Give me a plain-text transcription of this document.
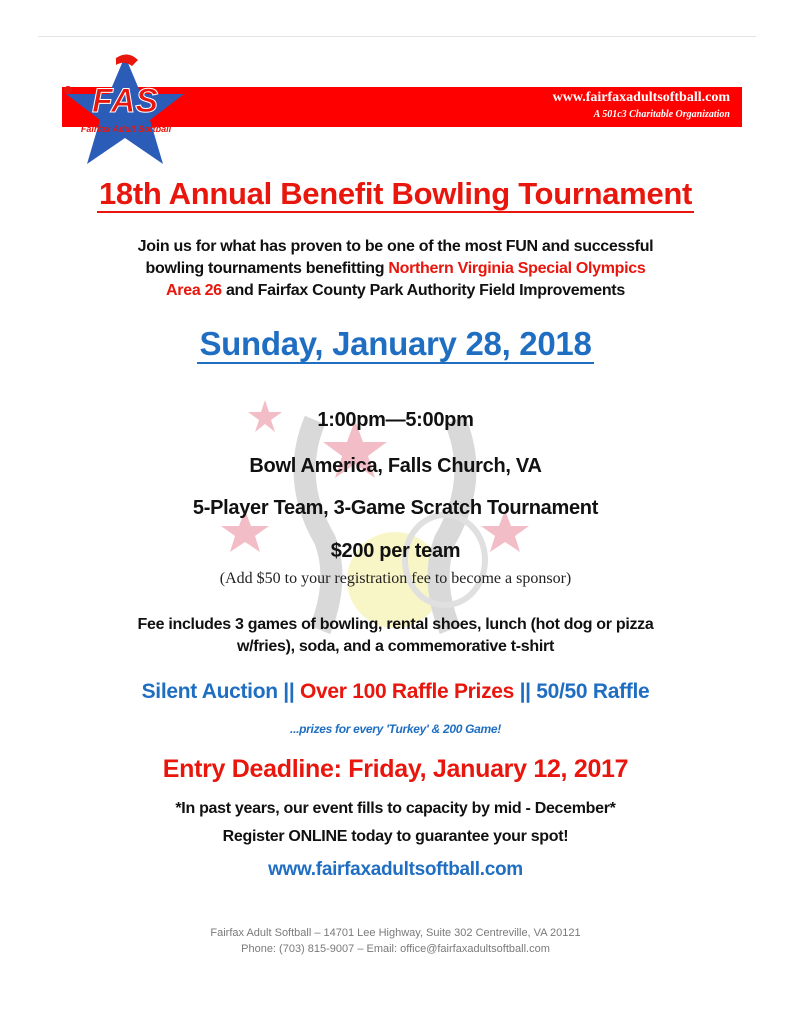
www.fairfaxadultsoftball.com
A 501c3 Charitable Organization
FAS
Fairfax Adult Softball
18th Annual Benefit Bowling Tournament
Join us for what has proven to be one of the most FUN and successful
bowling tournaments benefitting Northern Virginia Special Olympics
Area 26 and Fairfax County Park Authority Field Improvements
Sunday, January 28, 2018
1:00pm—5:00pm
Bowl America, Falls Church, VA
5-Player Team, 3-Game Scratch Tournament
$200 per team
(Add $50 to your registration fee to become a sponsor)
Fee includes 3 games of bowling, rental shoes, lunch (hot dog or pizza
w/fries), soda, and a commemorative t-shirt
Silent Auction || Over 100 Raffle Prizes || 50/50 Raffle
...prizes for every 'Turkey' & 200 Game!
Entry Deadline: Friday, January 12, 2017
*In past years, our event fills to capacity by mid - December*
Register ONLINE today to guarantee your spot!
www.fairfaxadultsoftball.com
Fairfax Adult Softball – 14701 Lee Highway, Suite 302 Centreville, VA 20121
Phone: (703) 815-9007 – Email: office@fairfaxadultsoftball.com
